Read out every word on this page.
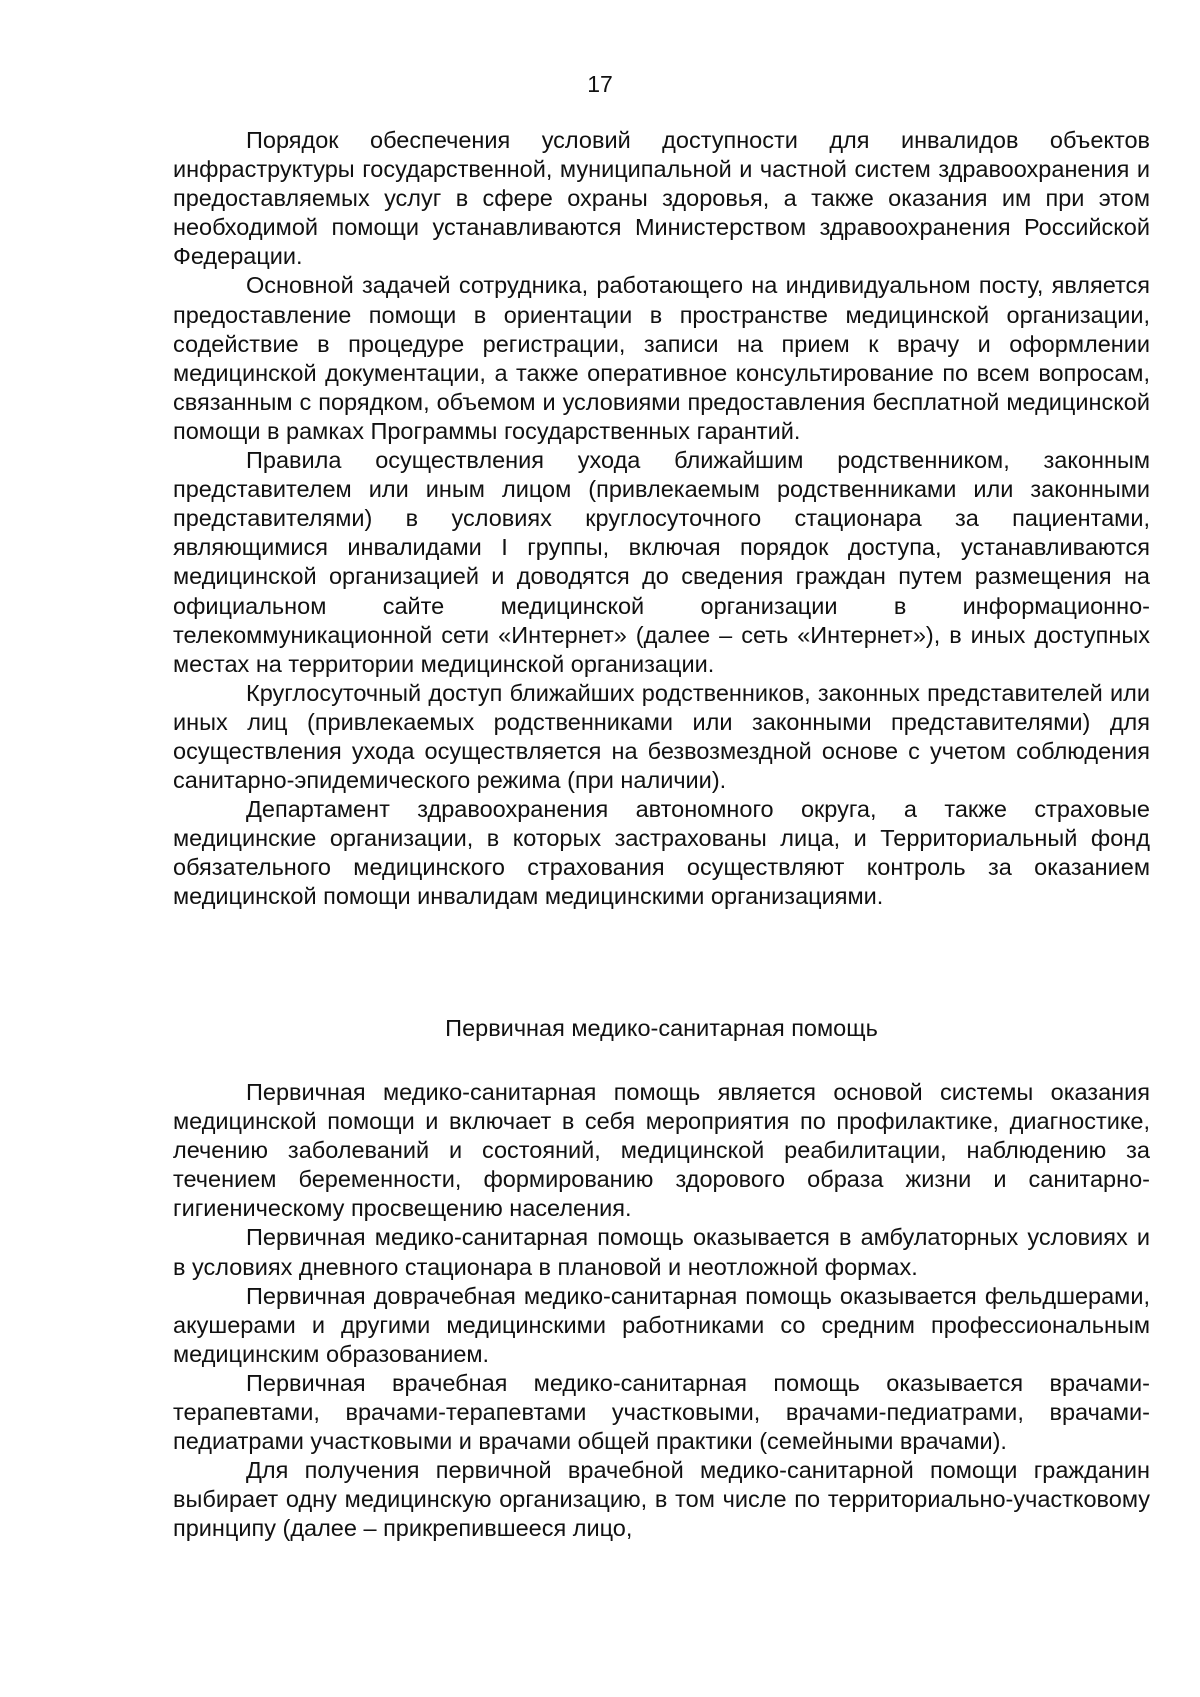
17

Порядок обеспечения условий доступности для инвалидов объектов инфраструктуры государственной, муниципальной и частной систем здравоохранения и предоставляемых услуг в сфере охраны здоровья, а также оказания им при этом необходимой помощи устанавливаются Министерством здравоохранения Российской Федерации.

Основной задачей сотрудника, работающего на индивидуальном посту, является предоставление помощи в ориентации в пространстве медицинской организации, содействие в процедуре регистрации, записи на прием к врачу и оформлении медицинской документации, а также оперативное консультирование по всем вопросам, связанным с порядком, объемом и условиями предоставления бесплатной медицинской помощи в рамках Программы государственных гарантий.

Правила осуществления ухода ближайшим родственником, законным представителем или иным лицом (привлекаемым родственниками или законными представителями) в условиях круглосуточного стационара за пациентами, являющимися инвалидами I группы, включая порядок доступа, устанавливаются медицинской организацией и доводятся до сведения граждан путем размещения на официальном сайте медицинской организации в информационно-телекоммуникационной сети «Интернет» (далее – сеть «Интернет»), в иных доступных местах на территории медицинской организации.

Круглосуточный доступ ближайших родственников, законных представителей или иных лиц (привлекаемых родственниками или законными представителями) для осуществления ухода осуществляется на безвозмездной основе с учетом соблюдения санитарно-эпидемического режима (при наличии).

Департамент здравоохранения автономного округа, а также страховые медицинские организации, в которых застрахованы лица, и Территориальный фонд обязательного медицинского страхования осуществляют контроль за оказанием медицинской помощи инвалидам медицинскими организациями.

Первичная медико-санитарная помощь

Первичная медико-санитарная помощь является основой системы оказания медицинской помощи и включает в себя мероприятия по профилактике, диагностике, лечению заболеваний и состояний, медицинской реабилитации, наблюдению за течением беременности, формированию здорового образа жизни и санитарно-гигиеническому просвещению населения.

Первичная медико-санитарная помощь оказывается в амбулаторных условиях и в условиях дневного стационара в плановой и неотложной формах.

Первичная доврачебная медико-санитарная помощь оказывается фельдшерами, акушерами и другими медицинскими работниками со средним профессиональным медицинским образованием.

Первичная врачебная медико-санитарная помощь оказывается врачами-терапевтами, врачами-терапевтами участковыми, врачами-педиатрами, врачами-педиатрами участковыми и врачами общей практики (семейными врачами).

Для получения первичной врачебной медико-санитарной помощи гражданин выбирает одну медицинскую организацию, в том числе по территориально-участковому принципу (далее – прикрепившееся лицо,
